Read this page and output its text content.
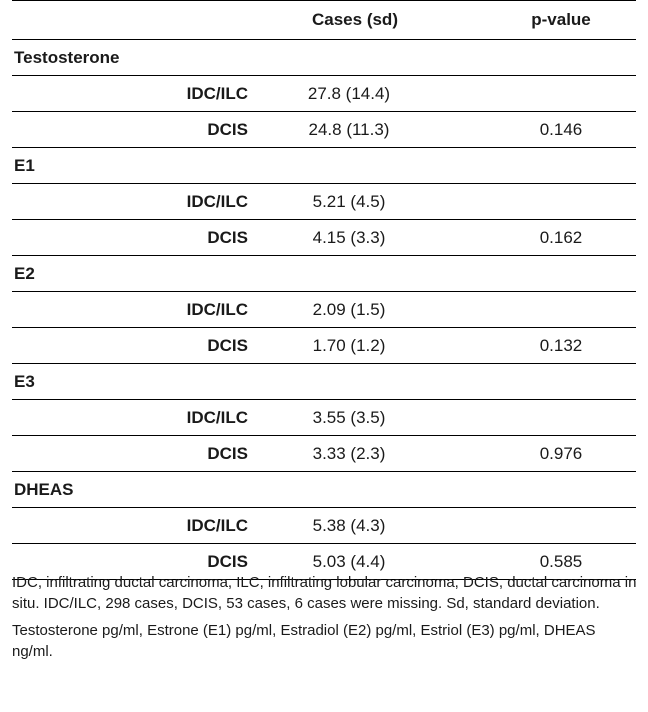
	Cases (sd)	p-value
Testosterone		
IDC/ILC	27.8 (14.4)	
DCIS	24.8 (11.3)	0.146
E1		
IDC/ILC	5.21 (4.5)	
DCIS	4.15 (3.3)	0.162
E2		
IDC/ILC	2.09 (1.5)	
DCIS	1.70 (1.2)	0.132
E3		
IDC/ILC	3.55 (3.5)	
DCIS	3.33 (2.3)	0.976
DHEAS		
IDC/ILC	5.38 (4.3)	
DCIS	5.03 (4.4)	0.585

IDC, infiltrating ductal carcinoma, ILC, infiltrating lobular carcinoma, DCIS, ductal carcinoma in situ. IDC/ILC, 298 cases, DCIS, 53 cases, 6 cases were missing. Sd, standard deviation.

Testosterone pg/ml, Estrone (E1) pg/ml, Estradiol (E2) pg/ml, Estriol (E3) pg/ml, DHEAS ng/ml.
